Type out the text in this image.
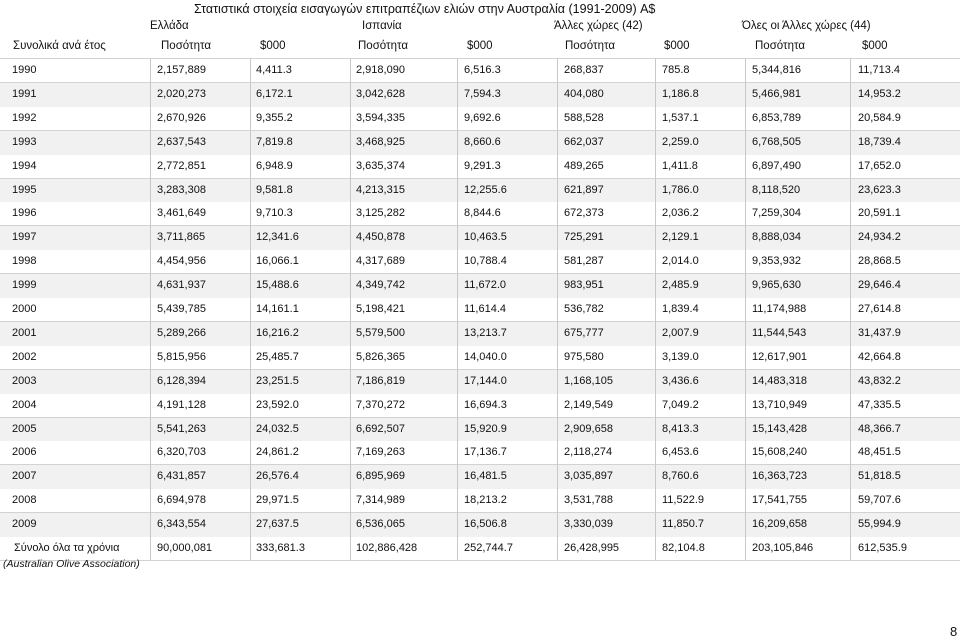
Στατιστικά στοιχεία εισαγωγών επιτραπέζιων ελιών στην Αυστραλία (1991-2009) A$
Ελλάδα	Ισπανία	Άλλες χώρες (42)	Όλες οι Άλλες χώρες (44)
Συνολικά ανά έτος	Ποσότητα	$000	Ποσότητα	$000	Ποσότητα	$000	Ποσότητα	$000
1990	2,157,889	4,411.3	2,918,090	6,516.3	268,837	785.8	5,344,816	11,713.4
1991	2,020,273	6,172.1	3,042,628	7,594.3	404,080	1,186.8	5,466,981	14,953.2
1992	2,670,926	9,355.2	3,594,335	9,692.6	588,528	1,537.1	6,853,789	20,584.9
1993	2,637,543	7,819.8	3,468,925	8,660.6	662,037	2,259.0	6,768,505	18,739.4
1994	2,772,851	6,948.9	3,635,374	9,291.3	489,265	1,411.8	6,897,490	17,652.0
1995	3,283,308	9,581.8	4,213,315	12,255.6	621,897	1,786.0	8,118,520	23,623.3
1996	3,461,649	9,710.3	3,125,282	8,844.6	672,373	2,036.2	7,259,304	20,591.1
1997	3,711,865	12,341.6	4,450,878	10,463.5	725,291	2,129.1	8,888,034	24,934.2
1998	4,454,956	16,066.1	4,317,689	10,788.4	581,287	2,014.0	9,353,932	28,868.5
1999	4,631,937	15,488.6	4,349,742	11,672.0	983,951	2,485.9	9,965,630	29,646.4
2000	5,439,785	14,161.1	5,198,421	11,614.4	536,782	1,839.4	11,174,988	27,614.8
2001	5,289,266	16,216.2	5,579,500	13,213.7	675,777	2,007.9	11,544,543	31,437.9
2002	5,815,956	25,485.7	5,826,365	14,040.0	975,580	3,139.0	12,617,901	42,664.8
2003	6,128,394	23,251.5	7,186,819	17,144.0	1,168,105	3,436.6	14,483,318	43,832.2
2004	4,191,128	23,592.0	7,370,272	16,694.3	2,149,549	7,049.2	13,710,949	47,335.5
2005	5,541,263	24,032.5	6,692,507	15,920.9	2,909,658	8,413.3	15,143,428	48,366.7
2006	6,320,703	24,861.2	7,169,263	17,136.7	2,118,274	6,453.6	15,608,240	48,451.5
2007	6,431,857	26,576.4	6,895,969	16,481.5	3,035,897	8,760.6	16,363,723	51,818.5
2008	6,694,978	29,971.5	7,314,989	18,213.2	3,531,788	11,522.9	17,541,755	59,707.6
2009	6,343,554	27,637.5	6,536,065	16,506.8	3,330,039	11,850.7	16,209,658	55,994.9
Σύνολο όλα τα χρόνια	90,000,081	333,681.3	102,886,428	252,744.7	26,428,995	82,104.8	203,105,846	612,535.9
(Australian Olive Association)
8
